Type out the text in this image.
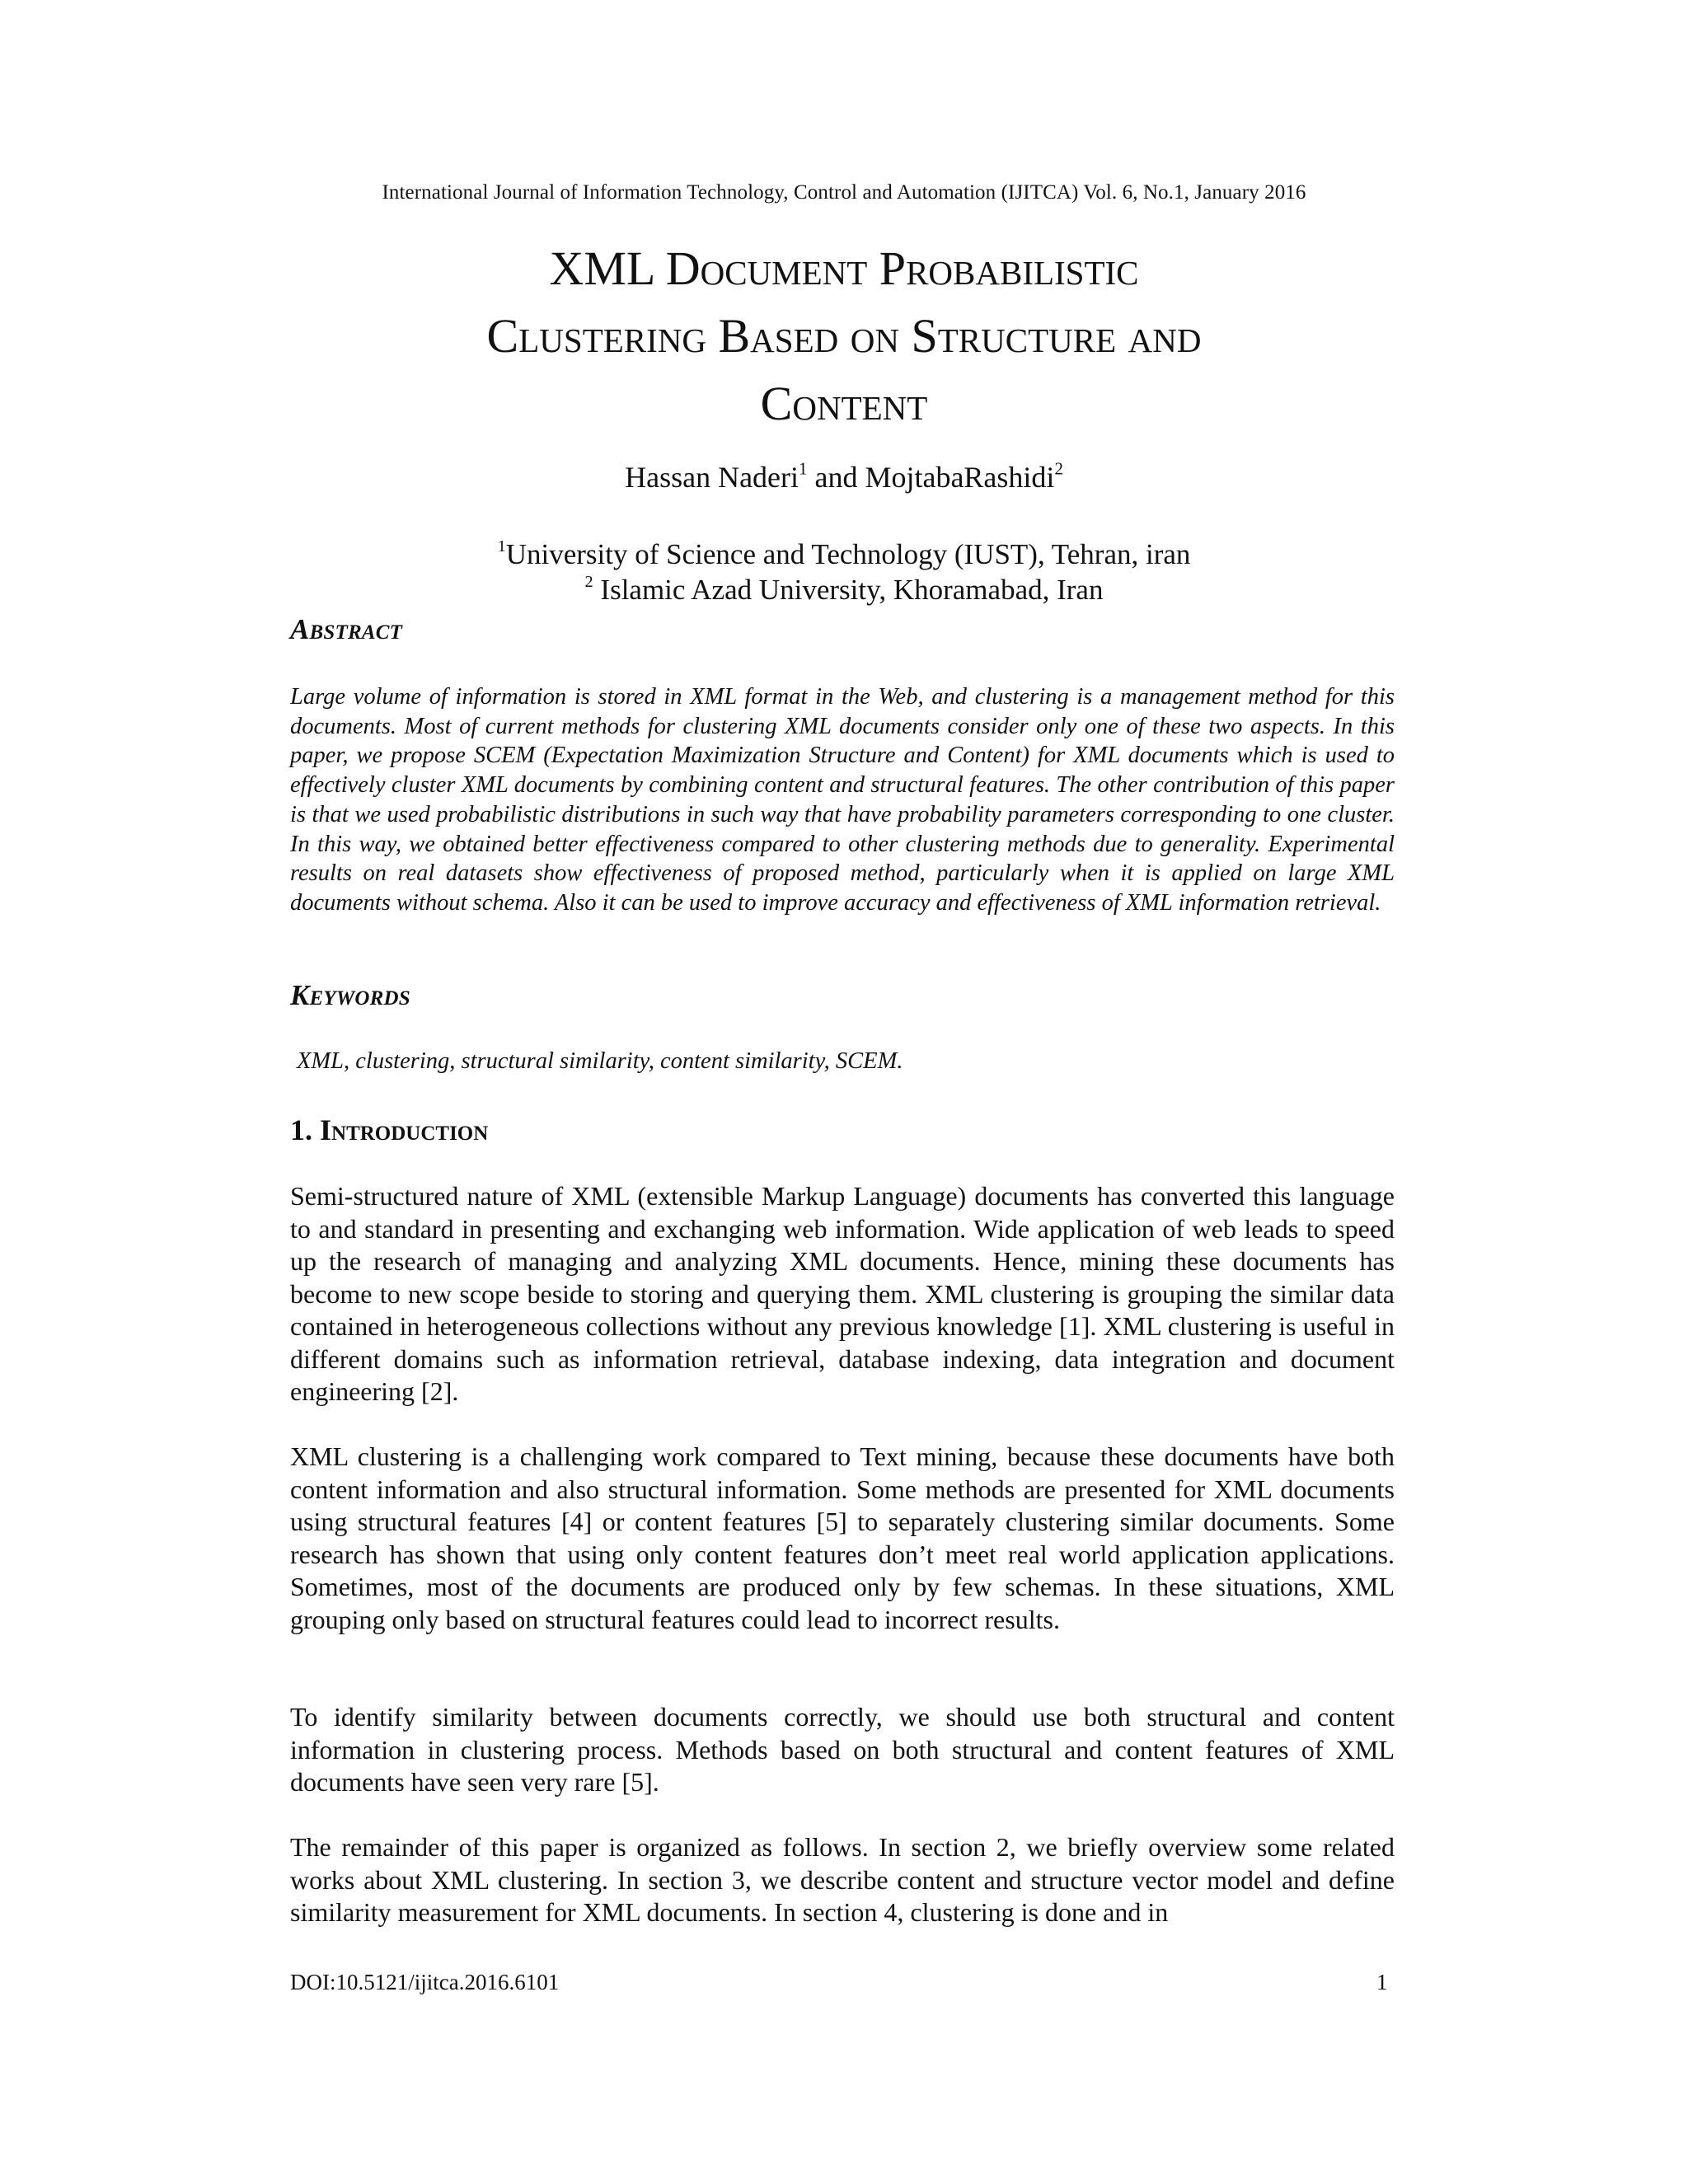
International Journal of Information Technology, Control and Automation (IJITCA) Vol. 6, No.1, January 2016
XML Document Probabilistic
Clustering Based on Structure and
Content
Hassan Naderi$^1$ and MojtabaRashidi$^2$
$^1$University of Science and Technology (IUST), Tehran, iran
$^2$ Islamic Azad University, Khoramabad, Iran
Abstract

Large volume of information is stored in XML format in the Web, and clustering is a management method for this documents. Most of current methods for clustering XML documents consider only one of these two aspects. In this paper, we propose SCEM (Expectation Maximization Structure and Content) for XML documents which is used to effectively cluster XML documents by combining content and structural features. The other contribution of this paper is that we used probabilistic distributions in such way that have probability parameters corresponding to one cluster. In this way, we obtained better effectiveness compared to other clustering methods due to generality. Experimental results on real datasets show effectiveness of proposed method, particularly when it is applied on large XML documents without schema. Also it can be used to improve accuracy and effectiveness of XML information retrieval.

Keywords
XML, clustering, structural similarity, content similarity, SCEM.
1. Introduction

Semi-structured nature of XML (extensible Markup Language) documents has converted this language to and standard in presenting and exchanging web information. Wide application of web leads to speed up the research of managing and analyzing XML documents. Hence, mining these documents has become to new scope beside to storing and querying them. XML clustering is grouping the similar data contained in heterogeneous collections without any previous knowledge [1]. XML clustering is useful in different domains such as information retrieval, database indexing, data integration and document engineering [2].

XML clustering is a challenging work compared to Text mining, because these documents have both content information and also structural information. Some methods are presented for XML documents using structural features [4] or content features [5] to separately clustering similar documents. Some research has shown that using only content features don’t meet real world application applications. Sometimes, most of the documents are produced only by few schemas. In these situations, XML grouping only based on structural features could lead to incorrect results.

To identify similarity between documents correctly, we should use both structural and content information in clustering process. Methods based on both structural and content features of XML documents have seen very rare [5].

The remainder of this paper is organized as follows. In section 2, we briefly overview some related works about XML clustering. In section 3, we describe content and structure vector model and define similarity measurement for XML documents. In section 4, clustering is done and in

DOI:10.5121/ijitca.2016.6101	1
